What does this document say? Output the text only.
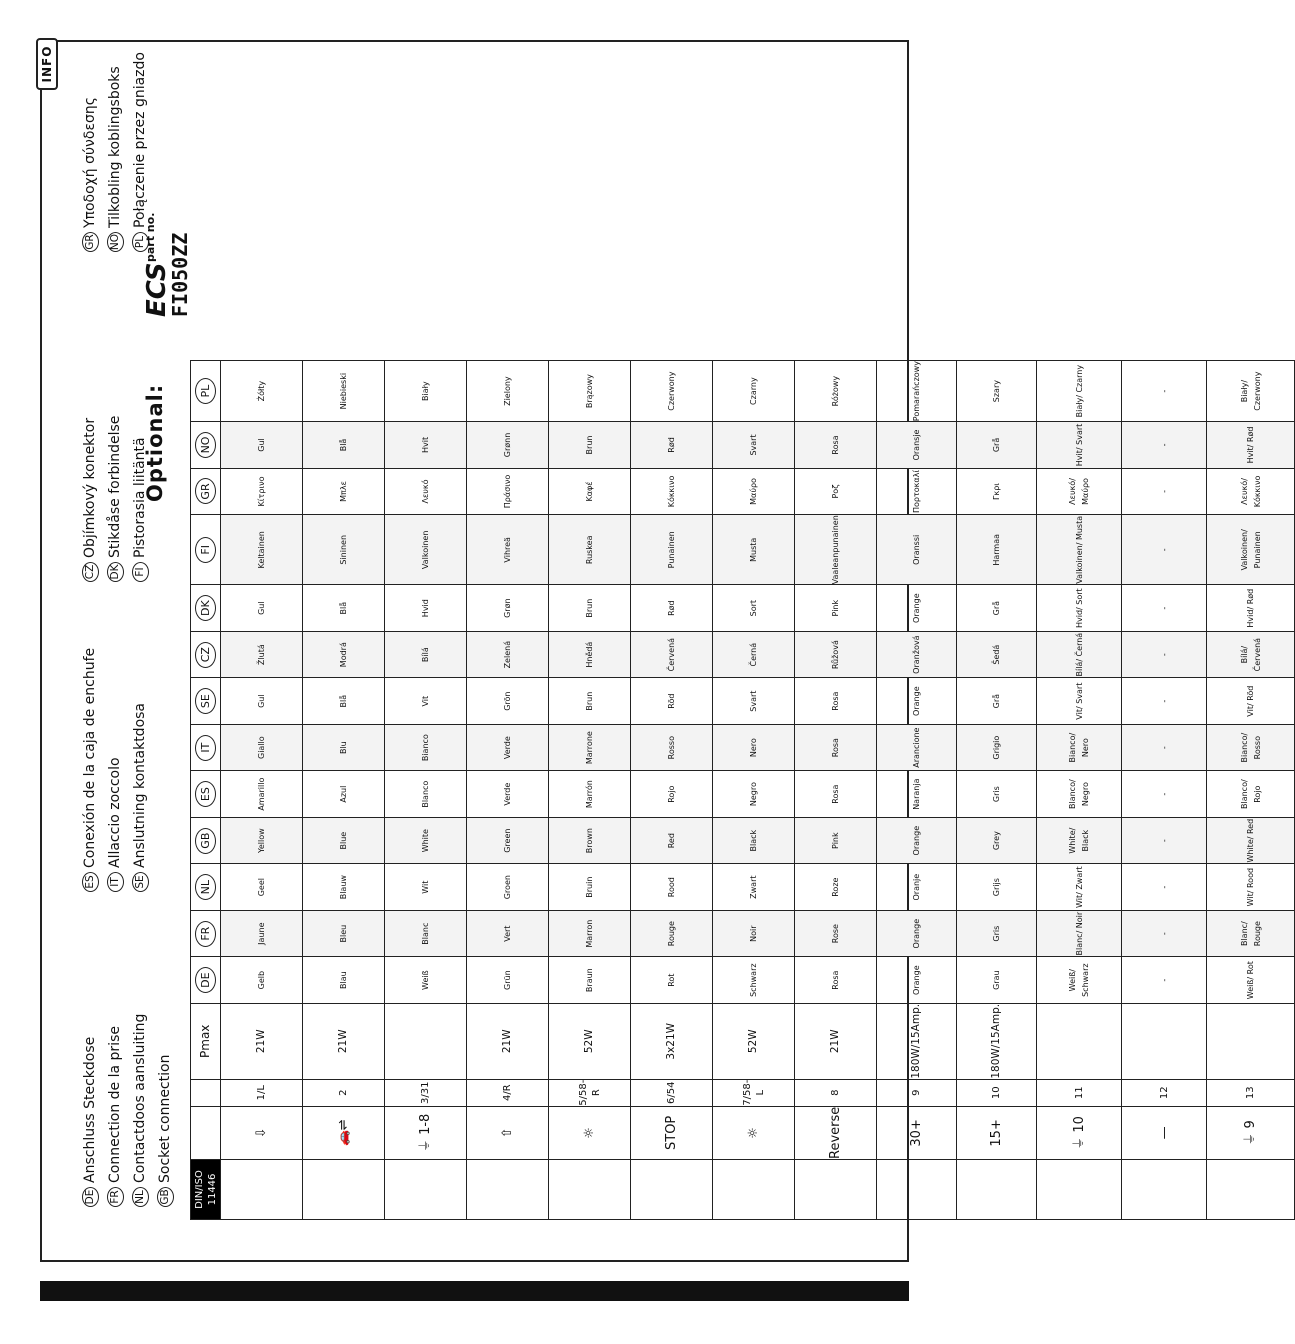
INFO
DE
Anschluss Steckdose
FR
Connection de la prise
NL
Contactdoos aansluiting
GB
Socket connection
ES
Conexión de la caja de enchufe
IT
Allaccio zoccolo
SE
Anslutning kontaktdosa
CZ
Objímkový konektor
DK
Stikdåse forbindelse
FI
Pistorasia liitäntä
GR
Υποδοχή σύνδεσης
NO
Tilkobling koblingsboks
PL
Połączenie przez gniazdo
Optional:
ECS
part no. FI050ZZ
DIN/ISO 11446			Pmax	DE	FR	NL	GB	ES	IT	SE	CZ	DK	FI	GR	NO	PL
	⇩	1/L	21W	Gelb	Jaune	Geel	Yellow	Amarillo	Giallo	Gul	Žlutá	Gul	Keltainen	Κίτρινο	Gul	Żółty
	🚗⇌	2	21W	Blau	Bleu	Blauw	Blue	Azul	Blu	Blå	Modrá	Blå	Sininen	Μπλε	Blå	Niebieski
	⏚ 1-8	3/31		Weiß	Blanc	Wit	White	Blanco	Bianco	Vit	Bílá	Hvid	Valkoinen	Λευκό	Hvit	Biały
	⇧	4/R	21W	Grün	Vert	Groen	Green	Verde	Verde	Grön	Zelená	Grøn	Vihreä	Πράσινο	Grønn	Zielony
	☼	5/58-R	52W	Braun	Marron	Bruin	Brown	Marrón	Marrone	Brun	Hnědá	Brun	Ruskea	Καφέ	Brun	Brązowy
	STOP	6/54	3x21W	Rot	Rouge	Rood	Red	Rojo	Rosso	Röd	Červená	Rød	Punainen	Κόκκινο	Rød	Czerwony
	☼	7/58-L	52W	Schwarz	Noir	Zwart	Black	Negro	Nero	Svart	Černá	Sort	Musta	Μαύρο	Svart	Czarny
	Reverse	8	21W	Rosa	Rose	Roze	Pink	Rosa	Rosa	Rosa	Růžová	Pink	Vaaleanpunainen	Ροζ	Rosa	Różowy
	30+	9	180W/15Amp.	Orange	Orange	Oranje	Orange	Naranja	Arancione	Orange	Oranžová	Orange	Oranssi	Πορτοκαλί	Oransje	Pomarańczowy
	15+	10	180W/15Amp.	Grau	Gris	Grijs	Grey	Gris	Grigio	Grå	Šedá	Grå	Harmaa	Γκρι	Grå	Szary
	⏚ 10	11		Weiß/ Schwarz	Blanc/ Noir	Wit/ Zwart	White/ Black	Blanco/ Negro	Bianco/ Nero	Vit/ Svart	Bílá/ Černá	Hvid/ Sort	Valkoinen/ Musta	Λευκό/ Μαύρο	Hvit/ Svart	Biały/ Czarny
	—	12		-	-	-	-	-	-	-	-	-	-	-	-	-
	⏚ 9	13		Weiß/ Rot	Blanc/ Rouge	Wit/ Rood	White/ Red	Blanco/ Rojo	Bianco/ Rosso	Vit/ Röd	Bílá/ Červená	Hvid/ Rød	Valkoinen/ Punainen	Λευκό/ Κόκκινο	Hvit/ Rød	Biały/ Czerwony
